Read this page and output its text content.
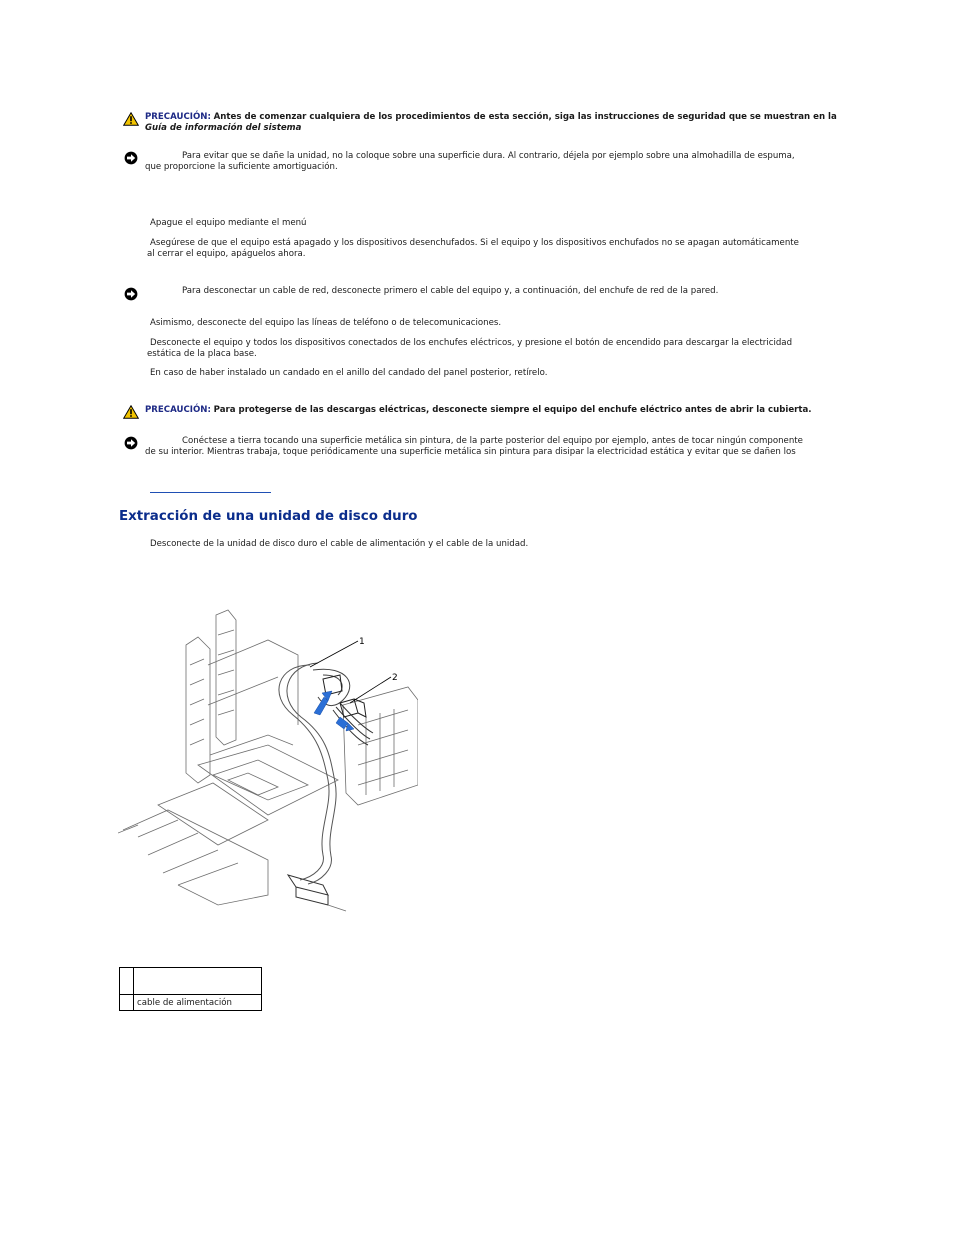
PRECAUCIÓN: Antes de comenzar cualquiera de los procedimientos de esta sección, siga las instrucciones de seguridad que se muestran en la
Guía de información del sistema
Para evitar que se dañe la unidad, no la coloque sobre una superficie dura. Al contrario, déjela por ejemplo sobre una almohadilla de espuma,
que proporcione la suficiente amortiguación.
Apague el equipo mediante el menú
Asegúrese de que el equipo está apagado y los dispositivos desenchufados. Si el equipo y los dispositivos enchufados no se apagan automáticamente
al cerrar el equipo, apáguelos ahora.
Para desconectar un cable de red, desconecte primero el cable del equipo y, a continuación, del enchufe de red de la pared.
Asimismo, desconecte del equipo las líneas de teléfono o de telecomunicaciones.
Desconecte el equipo y todos los dispositivos conectados de los enchufes eléctricos, y presione el botón de encendido para descargar la electricidad
estática de la placa base.
En caso de haber instalado un candado en el anillo del candado del panel posterior, retírelo.
PRECAUCIÓN: Para protegerse de las descargas eléctricas, desconecte siempre el equipo del enchufe eléctrico antes de abrir la cubierta.
Conéctese a tierra tocando una superficie metálica sin pintura, de la parte posterior del equipo por ejemplo, antes de tocar ningún componente
de su interior. Mientras trabaja, toque periódicamente una superficie metálica sin pintura para disipar la electricidad estática y evitar que se dañen los
Extracción de una unidad de disco duro
Desconecte de la unidad de disco duro el cable de alimentación y el cable de la unidad.
1
2

	cable de alimentación
